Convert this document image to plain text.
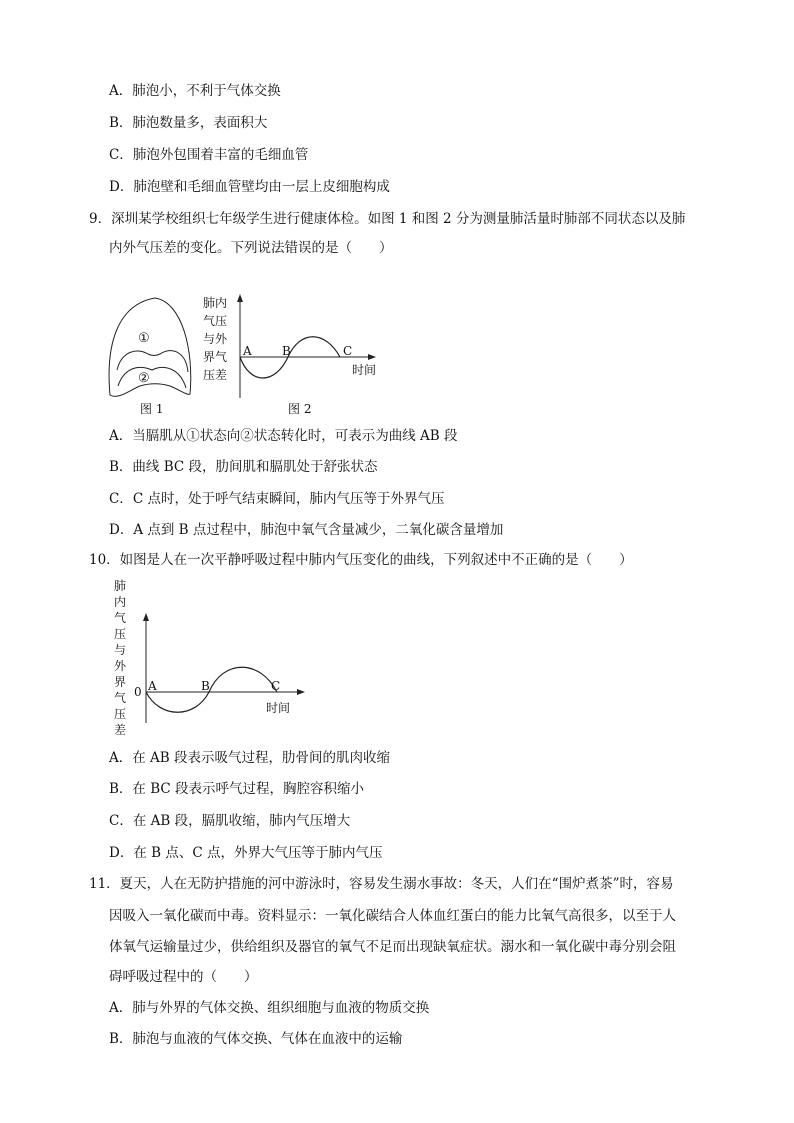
A．肺泡小，不利于气体交换
B．肺泡数量多，表面积大
C．肺泡外包围着丰富的毛细血管
D．肺泡壁和毛细血管壁均由一层上皮细胞构成
9．深圳某学校组织七年级学生进行健康体检。如图 1 和图 2 分为测量肺活量时肺部不同状态以及肺
内外气压差的变化。下列说法错误的是（　　）
①
②
图 1
肺内
气压
与外
界气
压差
A	B	C
时间
图 2
A．当膈肌从①状态向②状态转化时，可表示为曲线 AB 段
B．曲线 BC 段，肋间肌和膈肌处于舒张状态
C．C 点时，处于呼气结束瞬间，肺内气压等于外界气压
D．A 点到 B 点过程中，肺泡中氧气含量减少，二氧化碳含量增加
10．如图是人在一次平静呼吸过程中肺内气压变化的曲线，下列叙述中不正确的是（　　）
肺
内
气
压
与
外
界
气
压
差
0 A	B	C
时间
A．在 AB 段表示吸气过程，肋骨间的肌肉收缩
B．在 BC 段表示呼气过程，胸腔容积缩小
C．在 AB 段，膈肌收缩，肺内气压增大
D．在 B 点、C 点，外界大气压等于肺内气压
11．夏天，人在无防护措施的河中游泳时，容易发生溺水事故：冬天，人们在“围炉煮茶”时，容易
因吸入一氧化碳而中毒。资料显示：一氧化碳结合人体血红蛋白的能力比氧气高很多，以至于人
体氧气运输量过少，供给组织及器官的氧气不足而出现缺氧症状。溺水和一氧化碳中毒分别会阻
碍呼吸过程中的（　　）
A．肺与外界的气体交换、组织细胞与血液的物质交换
B．肺泡与血液的气体交换、气体在血液中的运输
